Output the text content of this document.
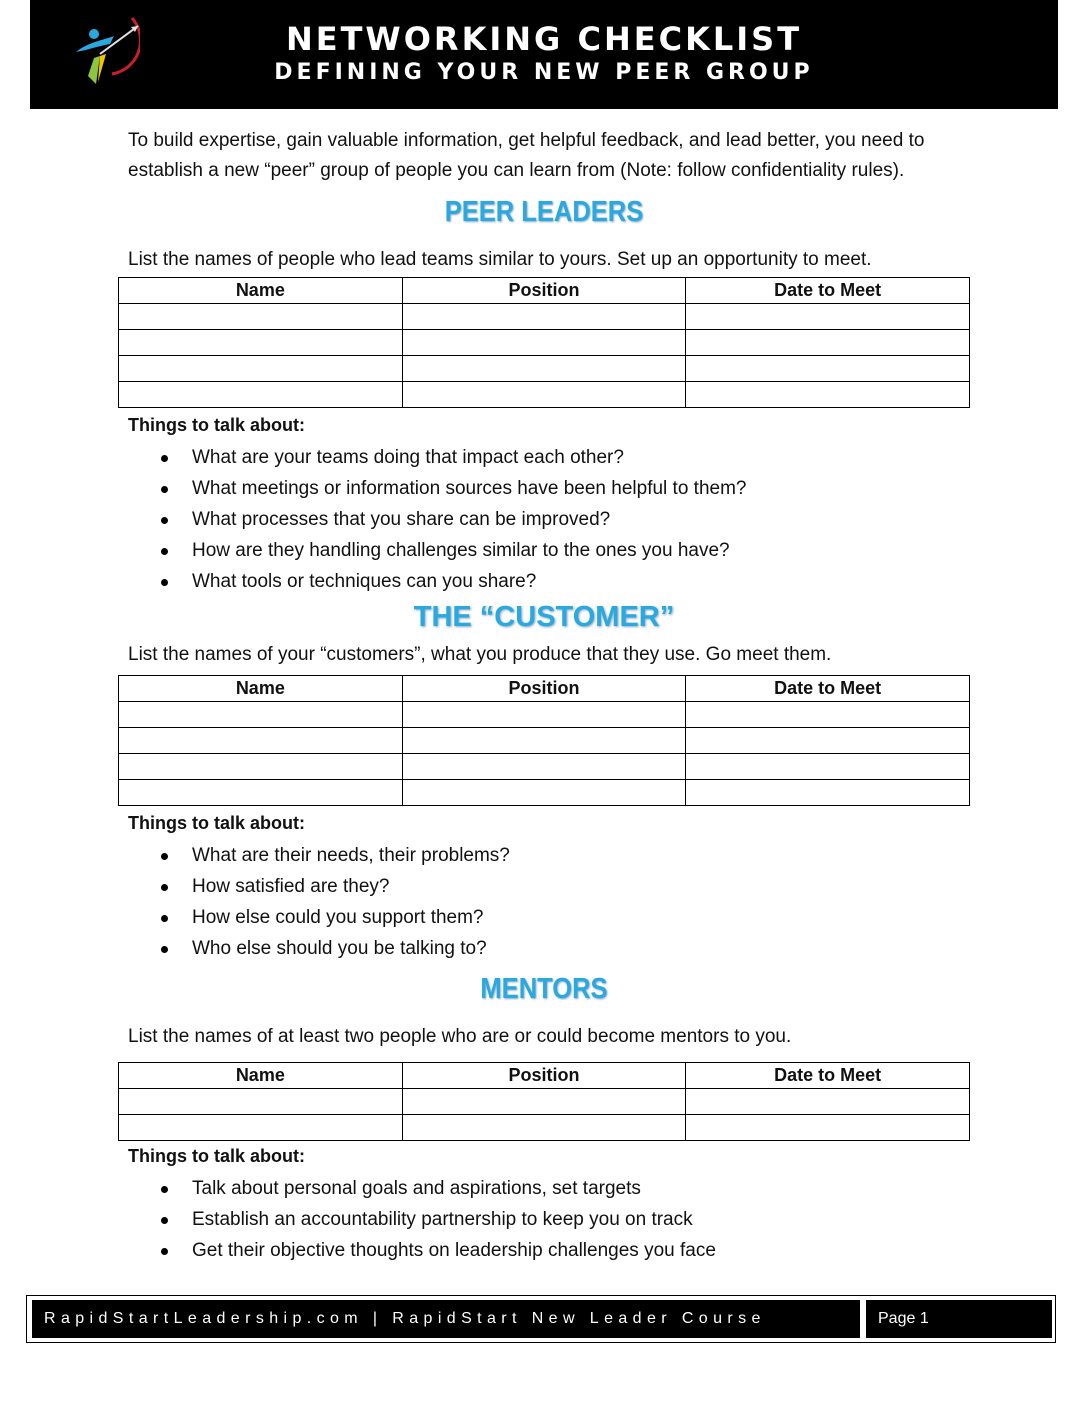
NETWORKING CHECKLIST
DEFINING YOUR NEW PEER GROUP
To build expertise, gain valuable information, get helpful feedback, and lead better, you need to establish a new “peer” group of people you can learn from (Note: follow confidentiality rules).
PEER LEADERS
List the names of people who lead teams similar to yours. Set up an opportunity to meet.
Name	Position	Date to Meet

Things to talk about:
What are your teams doing that impact each other?
What meetings or information sources have been helpful to them?
What processes that you share can be improved?
How are they handling challenges similar to the ones you have?
What tools or techniques can you share?
THE “CUSTOMER”
List the names of your “customers”, what you produce that they use. Go meet them.
Name	Position	Date to Meet

Things to talk about:
What are their needs, their problems?
How satisfied are they?
How else could you support them?
Who else should you be talking to?
MENTORS
List the names of at least two people who are or could become mentors to you.
Name	Position	Date to Meet

Things to talk about:
Talk about personal goals and aspirations, set targets
Establish an accountability partnership to keep you on track
Get their objective thoughts on leadership challenges you face
RapidStartLeadership.com | RapidStart New Leader Course	Page 1
